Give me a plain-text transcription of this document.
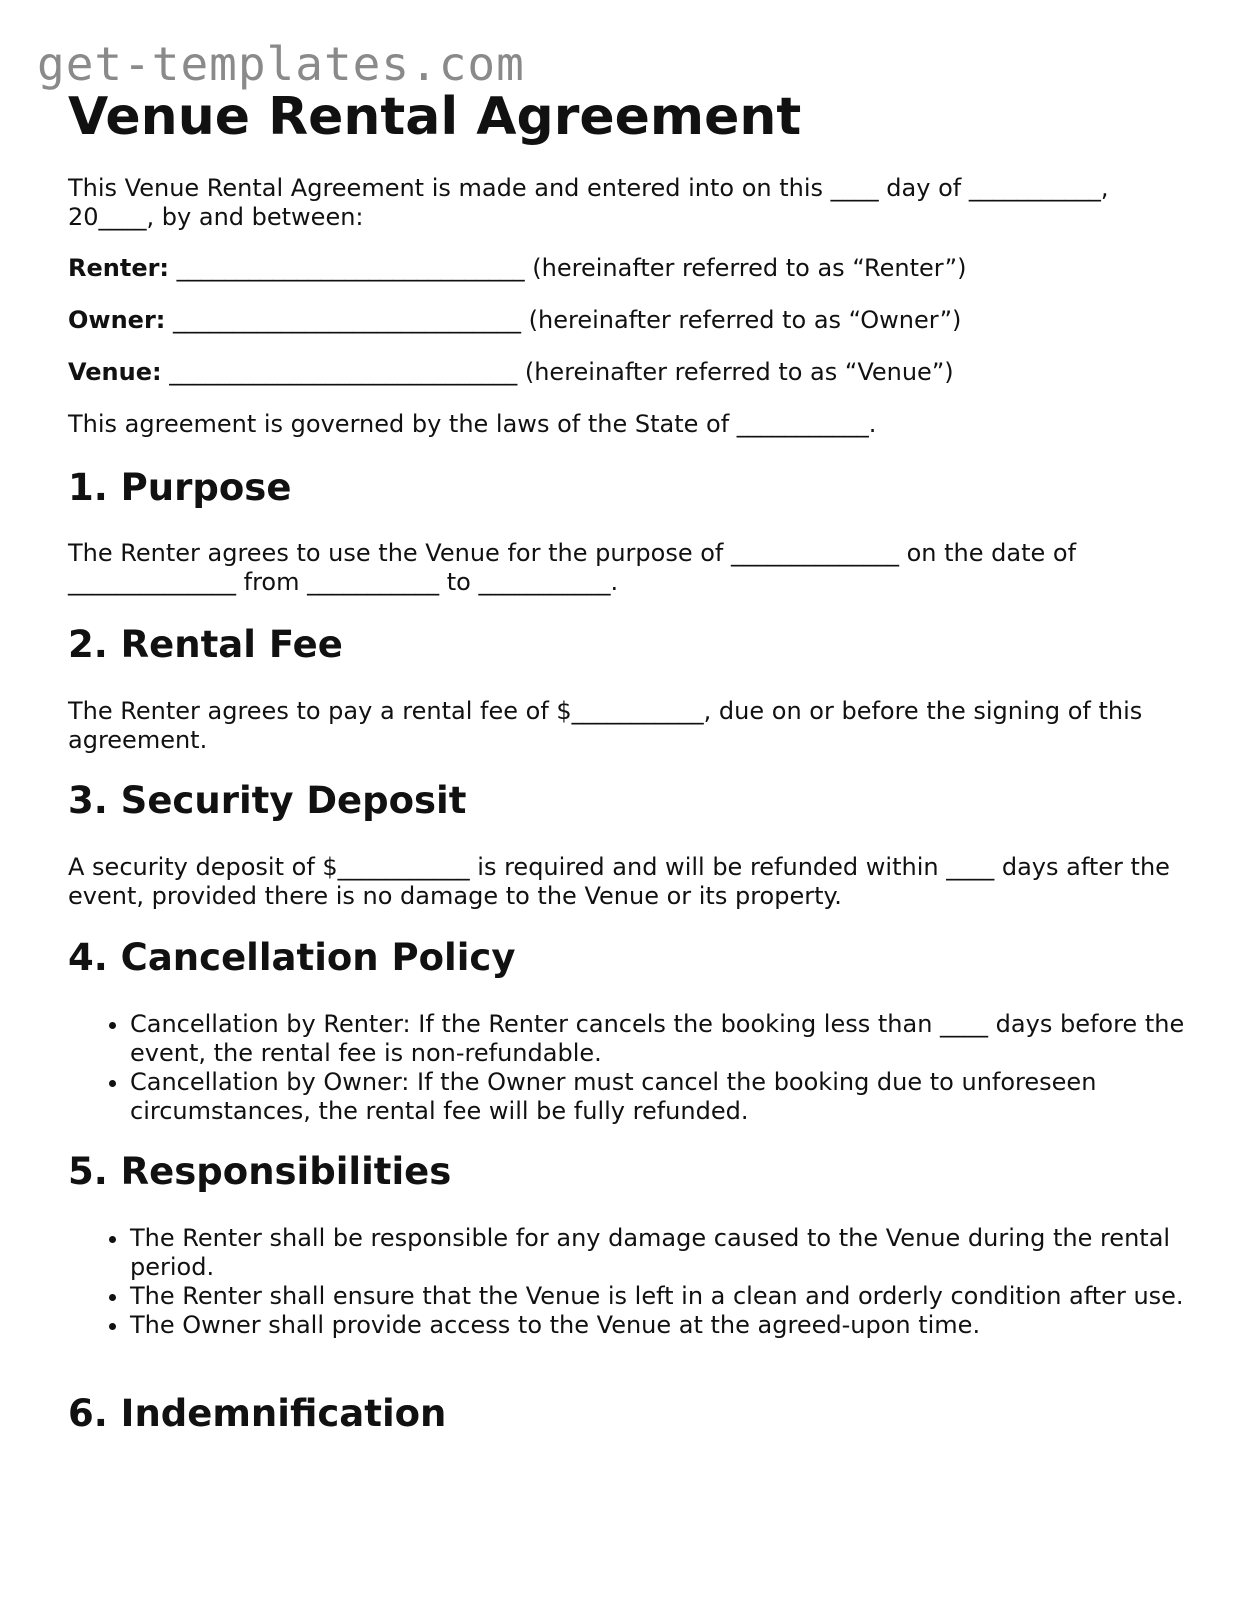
get-templates.com
Venue Rental Agreement

This Venue Rental Agreement is made and entered into on this ____ day of ___________, 20____, by and between:

Renter: _____________________________ (hereinafter referred to as “Renter”)

Owner: _____________________________ (hereinafter referred to as “Owner”)

Venue: _____________________________ (hereinafter referred to as “Venue”)

This agreement is governed by the laws of the State of ___________.

1. Purpose

The Renter agrees to use the Venue for the purpose of ______________ on the date of ______________ from ___________ to ___________.

2. Rental Fee

The Renter agrees to pay a rental fee of $___________, due on or before the signing of this agreement.

3. Security Deposit

A security deposit of $___________ is required and will be refunded within ____ days after the event, provided there is no damage to the Venue or its property.

4. Cancellation Policy
• Cancellation by Renter: If the Renter cancels the booking less than ____ days before the event, the rental fee is non-refundable.
• Cancellation by Owner: If the Owner must cancel the booking due to unforeseen circumstances, the rental fee will be fully refunded.
5. Responsibilities
• The Renter shall be responsible for any damage caused to the Venue during the rental period.
• The Renter shall ensure that the Venue is left in a clean and orderly condition after use.
• The Owner shall provide access to the Venue at the agreed-upon time.
6. Indemnification
